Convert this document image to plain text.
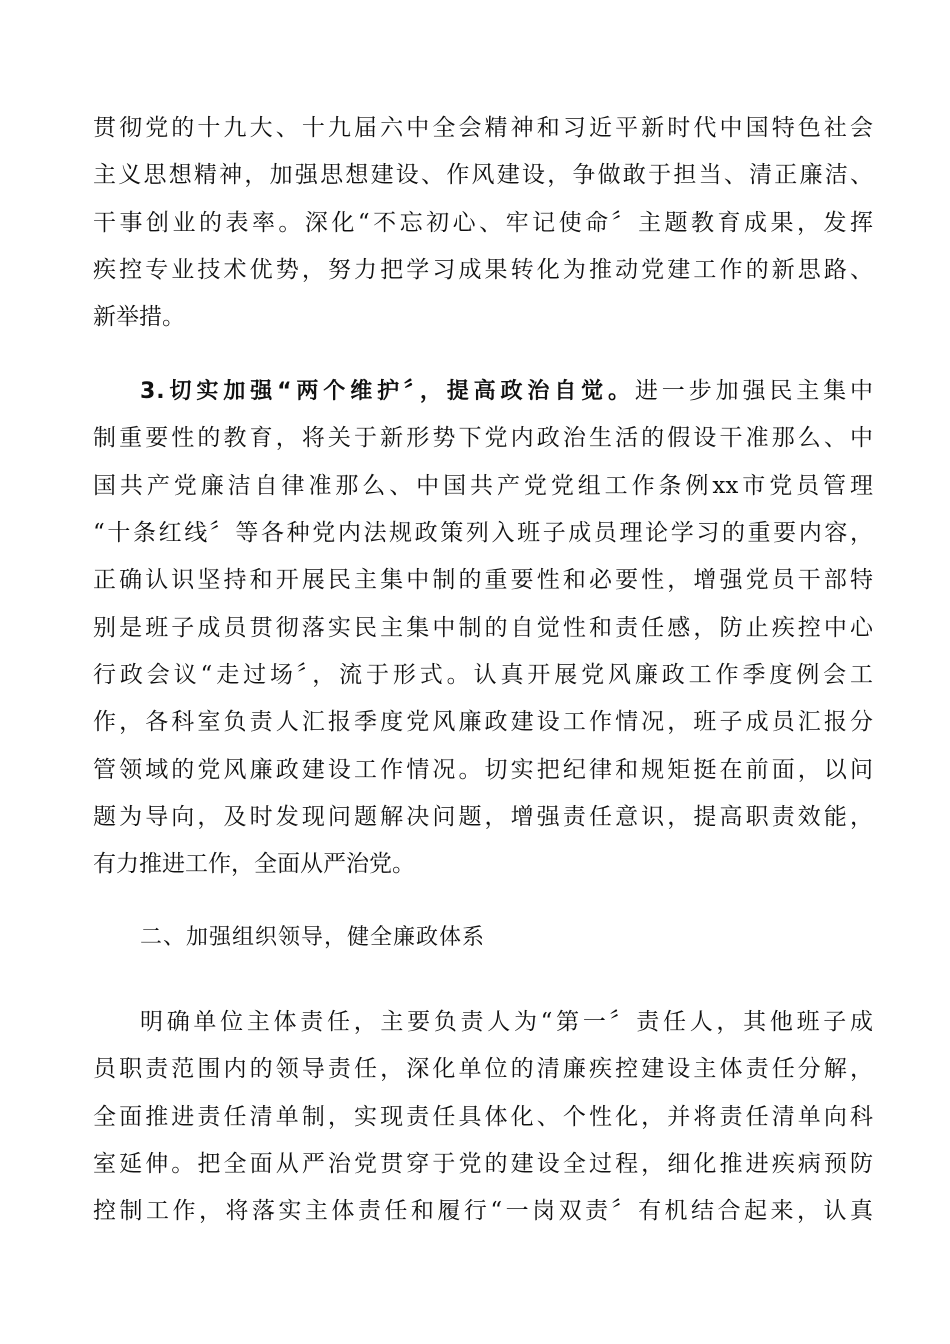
贯彻党的十九大、十九届六中全会精神和习近平新时代中国特色社会
主义思想精神，加强思想建设、作风建设，争做敢于担当、清正廉洁、
干事创业的表率。深化“不忘初心、牢记使命〞主题教育成果，发挥
疾控专业技术优势，努力把学习成果转化为推动党建工作的新思路、
新举措。
3.切实加强“两个维护〞，提高政治自觉。进一步加强民主集中
制重要性的教育，将关于新形势下党内政治生活的假设干准那么、中
国共产党廉洁自律准那么、中国共产党党组工作条例xx市党员管理
“十条红线〞等各种党内法规政策列入班子成员理论学习的重要内容，
正确认识坚持和开展民主集中制的重要性和必要性，增强党员干部特
别是班子成员贯彻落实民主集中制的自觉性和责任感，防止疾控中心
行政会议“走过场〞，流于形式。认真开展党风廉政工作季度例会工
作，各科室负责人汇报季度党风廉政建设工作情况，班子成员汇报分
管领域的党风廉政建设工作情况。切实把纪律和规矩挺在前面，以问
题为导向，及时发现问题解决问题，增强责任意识，提高职责效能，
有力推进工作，全面从严治党。
二、加强组织领导，健全廉政体系
明确单位主体责任，主要负责人为“第一〞责任人，其他班子成
员职责范围内的领导责任，深化单位的清廉疾控建设主体责任分解，
全面推进责任清单制，实现责任具体化、个性化，并将责任清单向科
室延伸。把全面从严治党贯穿于党的建设全过程，细化推进疾病预防
控制工作，将落实主体责任和履行“一岗双责〞有机结合起来，认真
